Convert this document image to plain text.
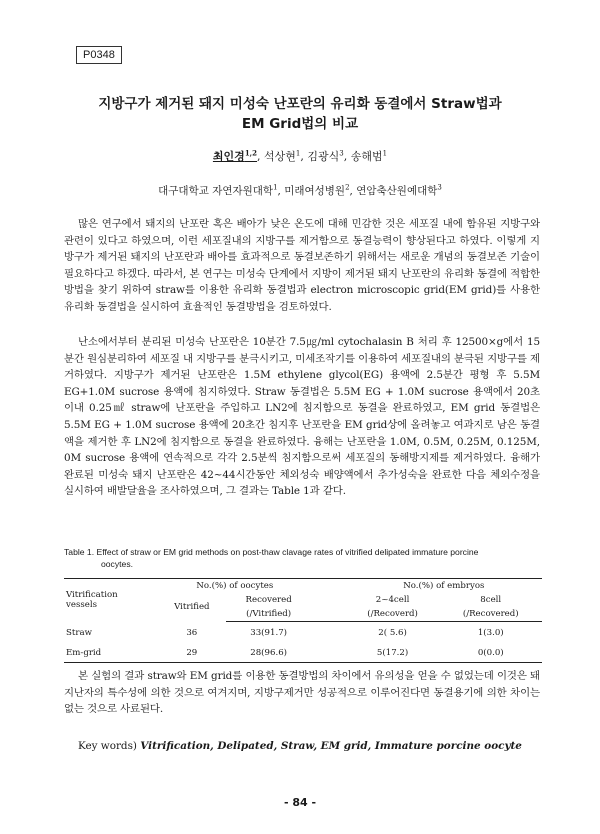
P0348
지방구가 제거된 돼지 미성숙 난포란의 유리화 동결에서 Straw법과
EM Grid법의 비교
최인경$^{1,2}$, 석상현$^1$, 김광식$^3$, 송해범$^1$
대구대학교 자연자원대학$^1$, 미래여성병원$^2$, 연암축산원예대학$^3$

많은 연구에서 돼지의 난포란 혹은 배아가 낮은 온도에 대해 민감한 것은 세포질 내에 함유된 지방구와 관련이 있다고 하였으며, 이런 세포질내의 지방구를 제거함으로 동결능력이 향상된다고 하였다. 이렇게 지방구가 제거된 돼지의 난포란과 배아를 효과적으로 동결보존하기 위해서는 새로운 개념의 동결보존 기술이 필요하다고 하겠다. 따라서, 본 연구는 미성숙 단계에서 지방이 제거된 돼지 난포란의 유리화 동결에 적합한 방법을 찾기 위하여 straw를 이용한 유리화 동결법과 electron microscopic grid(EM grid)를 사용한 유리화 동결법을 실시하여 효율적인 동결방법을 검토하였다.

난소에서부터 분리된 미성숙 난포란은 10분간 7.5㎍/ml cytochalasin B 처리 후 12500×g에서 15분간 원심분리하여 세포질 내 지방구를 분극시키고, 미세조작기를 이용하여 세포질내의 분극된 지방구를 제거하였다. 지방구가 제거된 난포란은 1.5M ethylene glycol(EG) 용액에 2.5분간 평형 후 5.5M EG+1.0M sucrose 용액에 침지하였다. Straw 동결법은 5.5M EG + 1.0M sucrose 용액에서 20초 이내 0.25㎖ straw에 난포란을 주입하고 LN2에 침지함으로 동결을 완료하였고, EM grid 동결법은 5.5M EG + 1.0M sucrose 용액에 20초간 침지후 난포란을 EM grid상에 올려놓고 여과지로 남은 동결액을 제거한 후 LN2에 침지함으로 동결을 완료하였다. 융해는 난포란을 1.0M, 0.5M, 0.25M, 0.125M, 0M sucrose 용액에 연속적으로 각각 2.5분씩 침지함으로써 세포질의 동해방지제를 제거하였다. 융해가 완료된 미성숙 돼지 난포란은 42~44시간동안 체외성숙 배양액에서 추가성숙을 완료한 다음 체외수정을 실시하여 배발달율을 조사하였으며, 그 결과는 Table 1과 같다.

Table 1. Effect of straw or EM grid methods on post-thaw clavage rates of vitrified delipated immature porcine
oocytes.
Vitrification
vessels	No.(%) of oocytes			No.(%) of embryos	
	Vitrified	Recovered		2~4cell	8cell
		(/Vitrified)		(/Recoverd)	(/Recovered)
Straw	36	33(91.7)		2( 5.6)	1(3.0)
Em-grid	29	28(96.6)		5(17.2)	0(0.0)

본 실험의 결과 straw와 EM grid를 이용한 동결방법의 차이에서 유의성을 얻을 수 없었는데 이것은 돼지난자의 특수성에 의한 것으로 여겨지며, 지방구제거만 성공적으로 이루어진다면 동결용기에 의한 차이는 없는 것으로 사료된다.

Key words) Vitrification, Delipated, Straw, EM grid, Immature porcine oocyte
- 84 -
